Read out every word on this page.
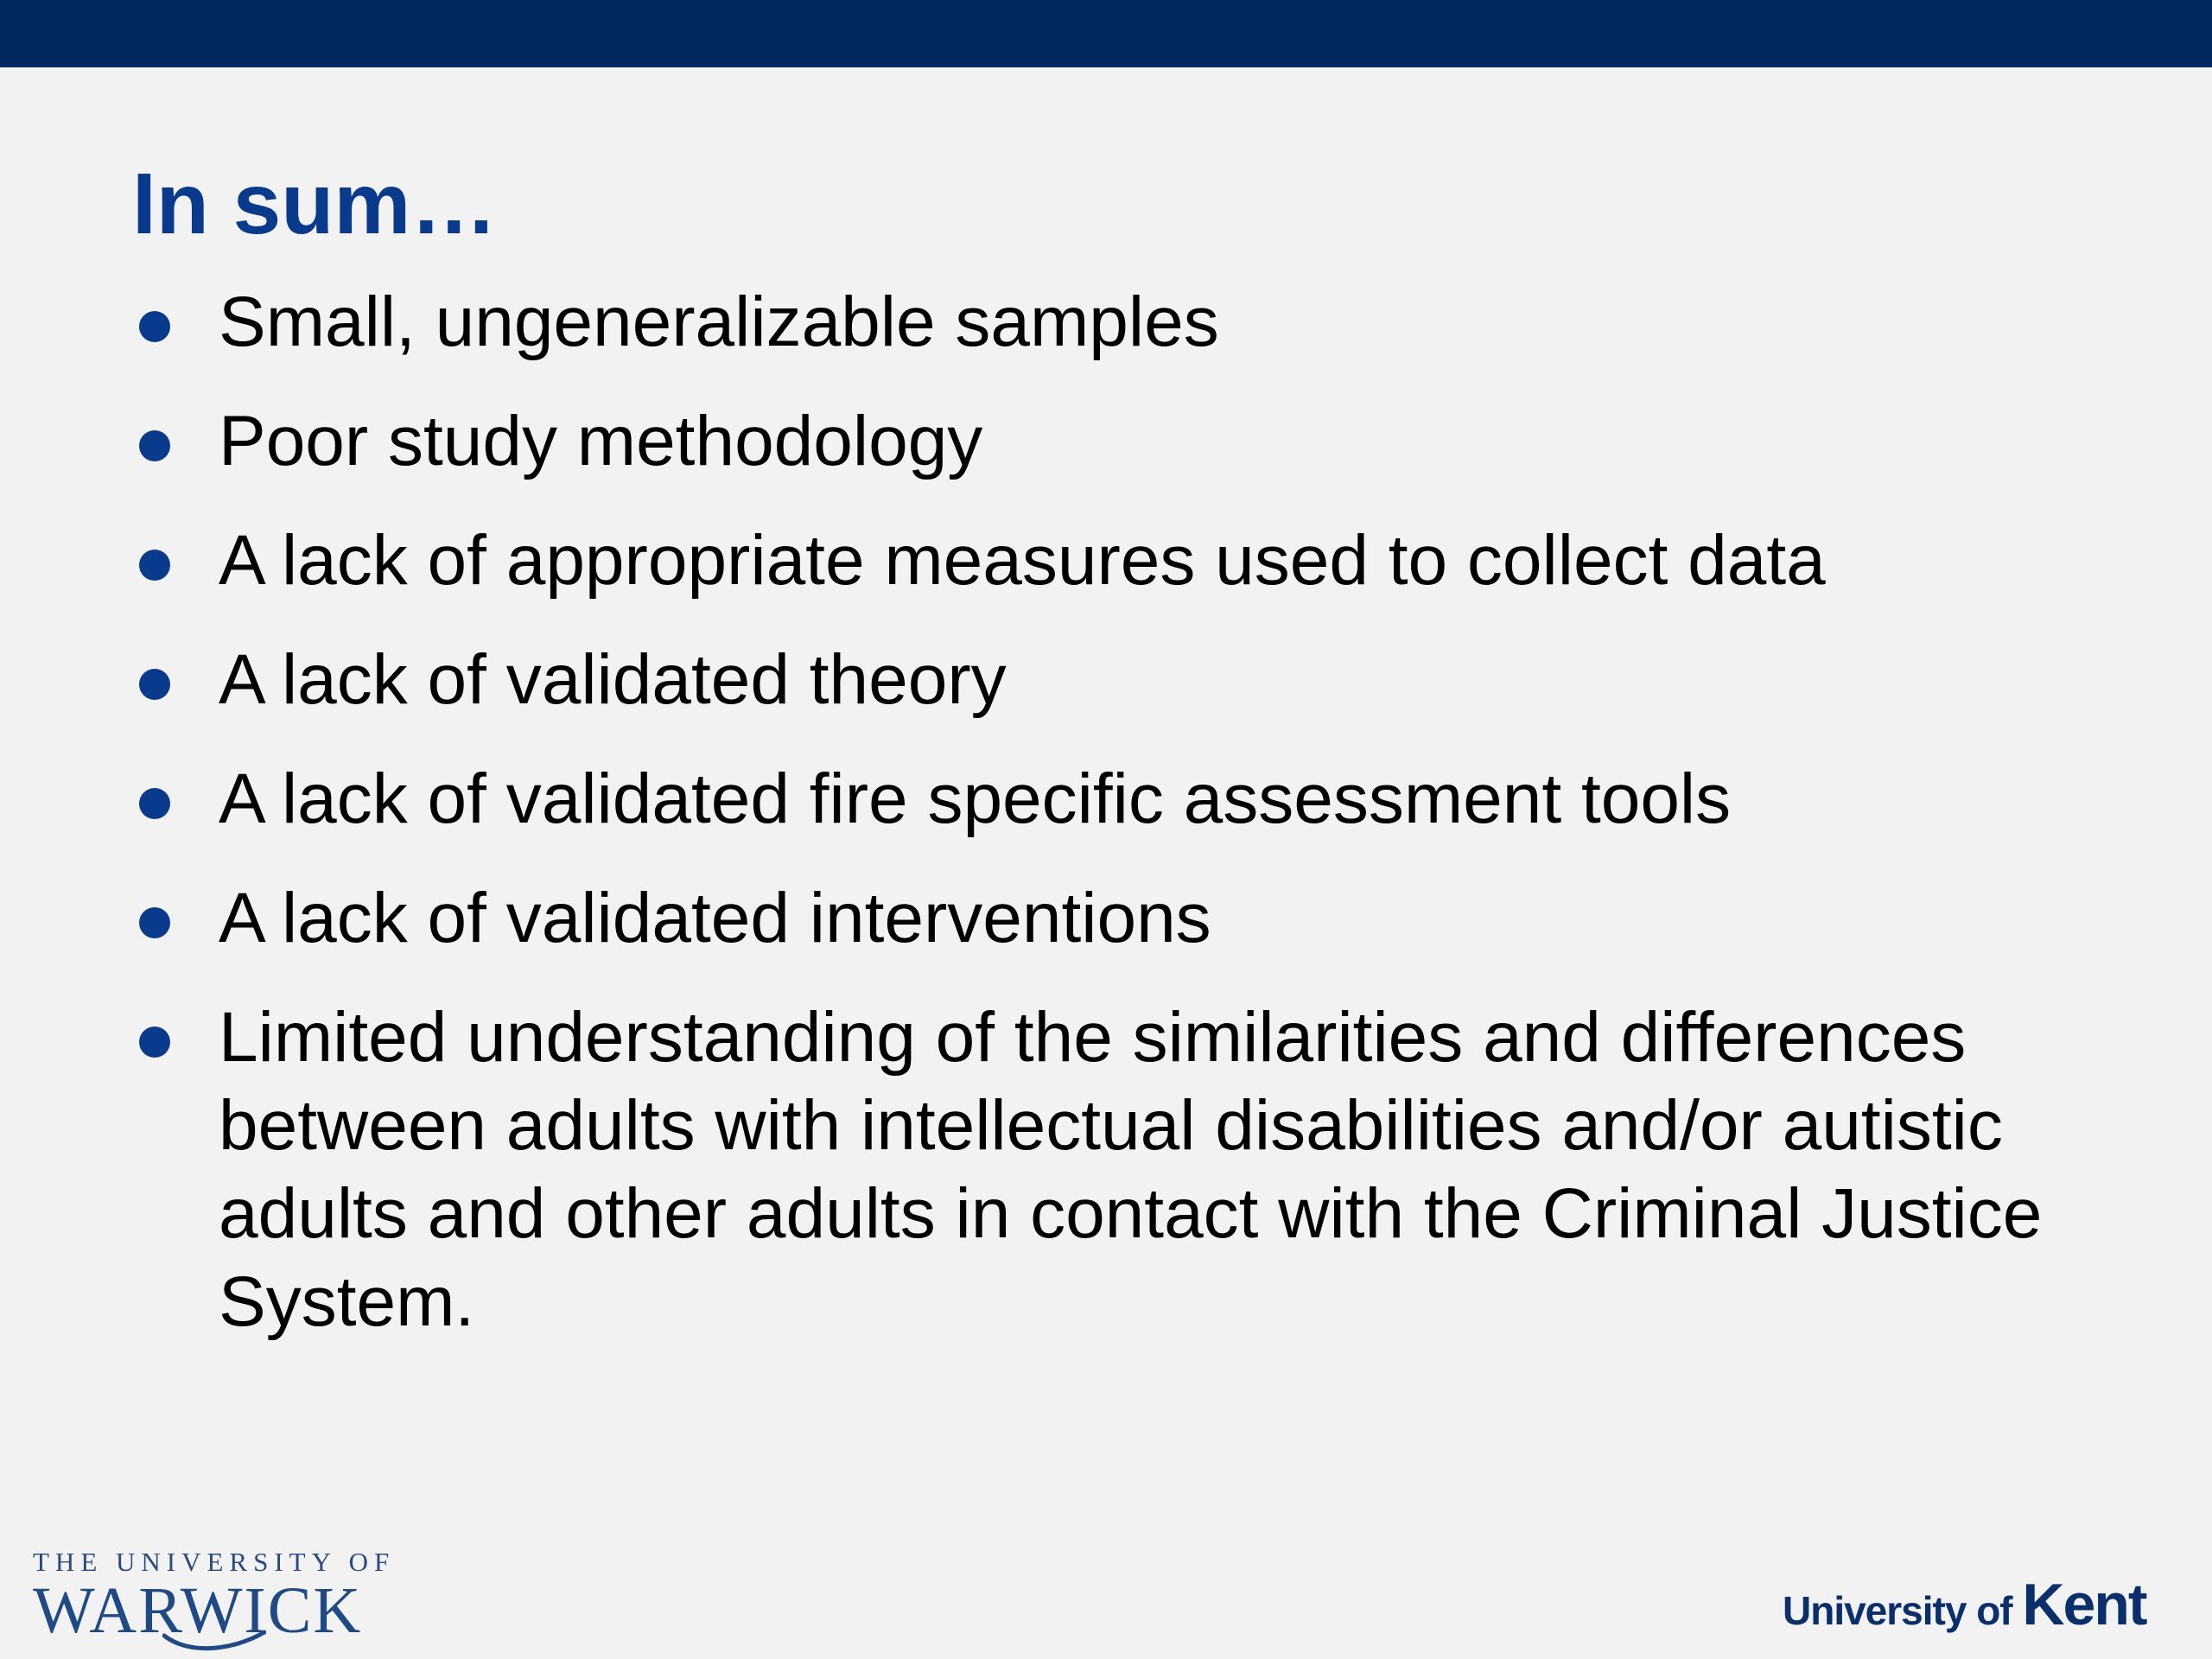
In sum…
Small, ungeneralizable samples
Poor study methodology
A lack of appropriate measures used to collect data
A lack of validated theory
A lack of validated fire specific assessment tools
A lack of validated interventions
Limited understanding of the similarities and differences between adults with intellectual disabilities and/or autistic adults and other adults in contact with the Criminal Justice System.
THE UNIVERSITY OF
WARWICK	University of Kent
